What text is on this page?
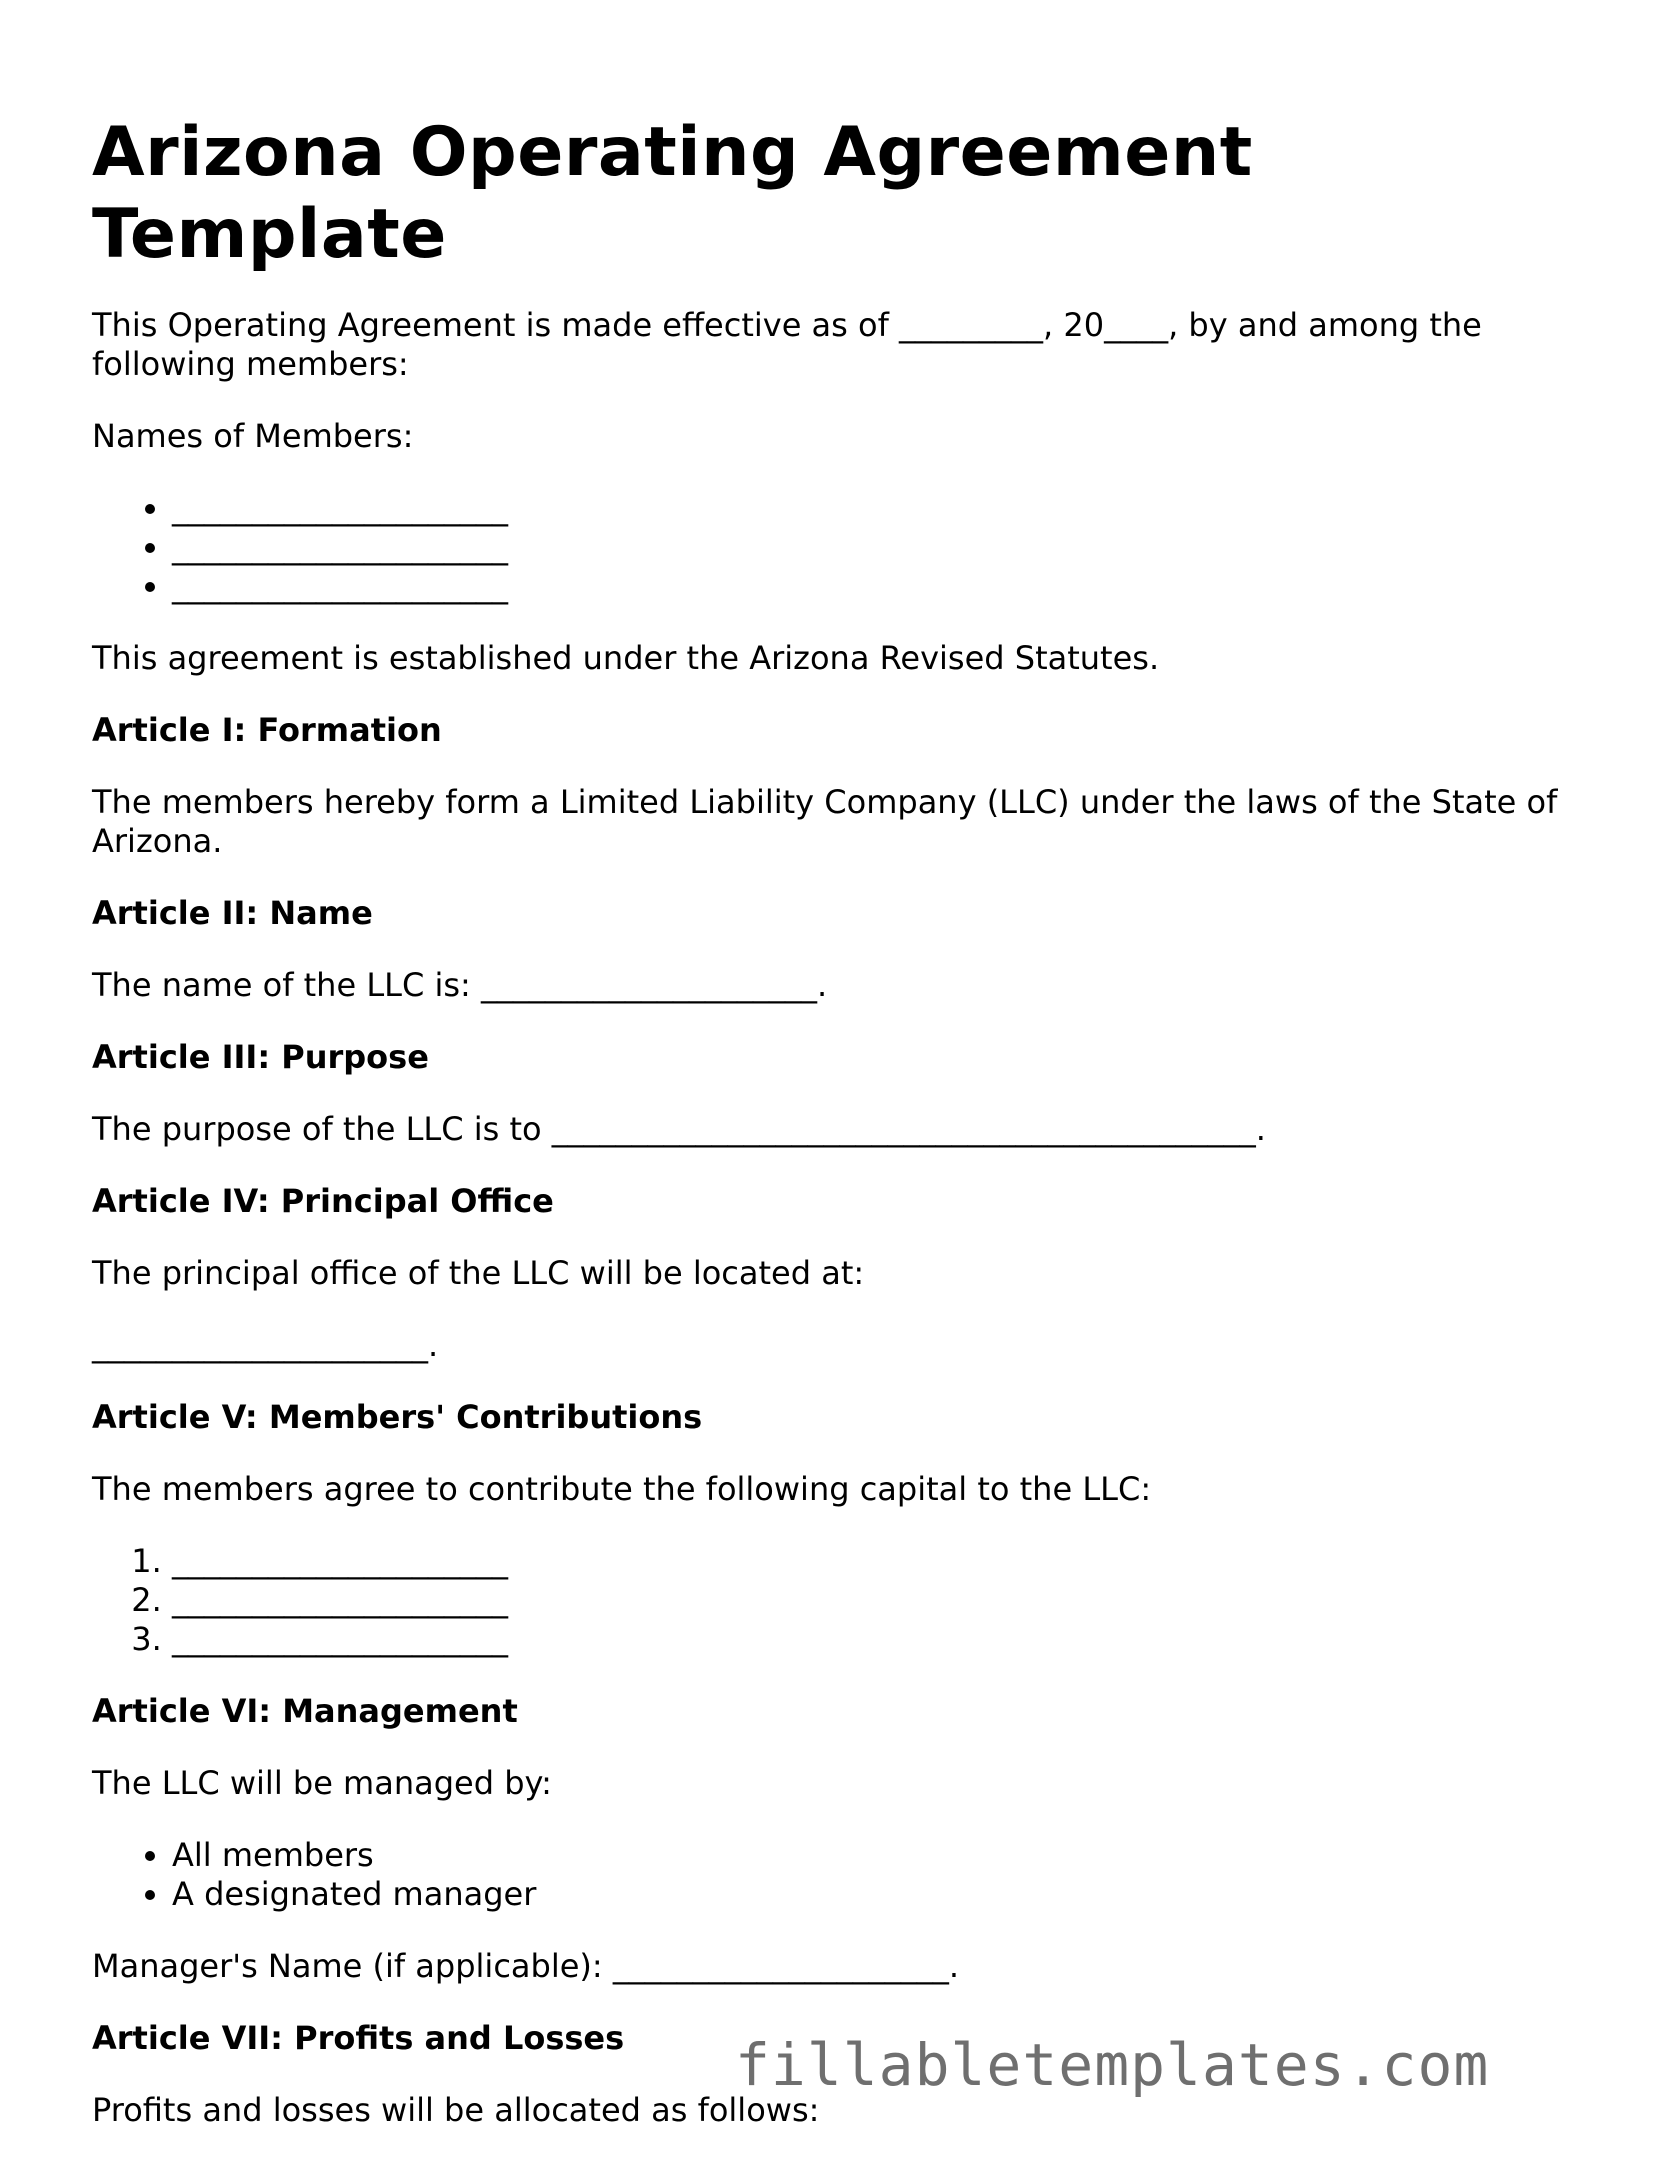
Arizona Operating Agreement Template

This Operating Agreement is made effective as of _________, 20____, by and among the following members:

Names of Members:

• _____________________
• _____________________
• _____________________

This agreement is established under the Arizona Revised Statutes.

Article I: Formation

The members hereby form a Limited Liability Company (LLC) under the laws of the State of Arizona.

Article II: Name

The name of the LLC is: _____________________.

Article III: Purpose

The purpose of the LLC is to ____________________________________________.

Article IV: Principal Office

The principal office of the LLC will be located at:

_____________________.

Article V: Members' Contributions

The members agree to contribute the following capital to the LLC:

1. _____________________
2. _____________________
3. _____________________
Article VI: Management

The LLC will be managed by:

• All members
• A designated manager

Manager's Name (if applicable): _____________________.

Article VII: Profits and Losses

Profits and losses will be allocated as follows:

fillabletemplates.com
